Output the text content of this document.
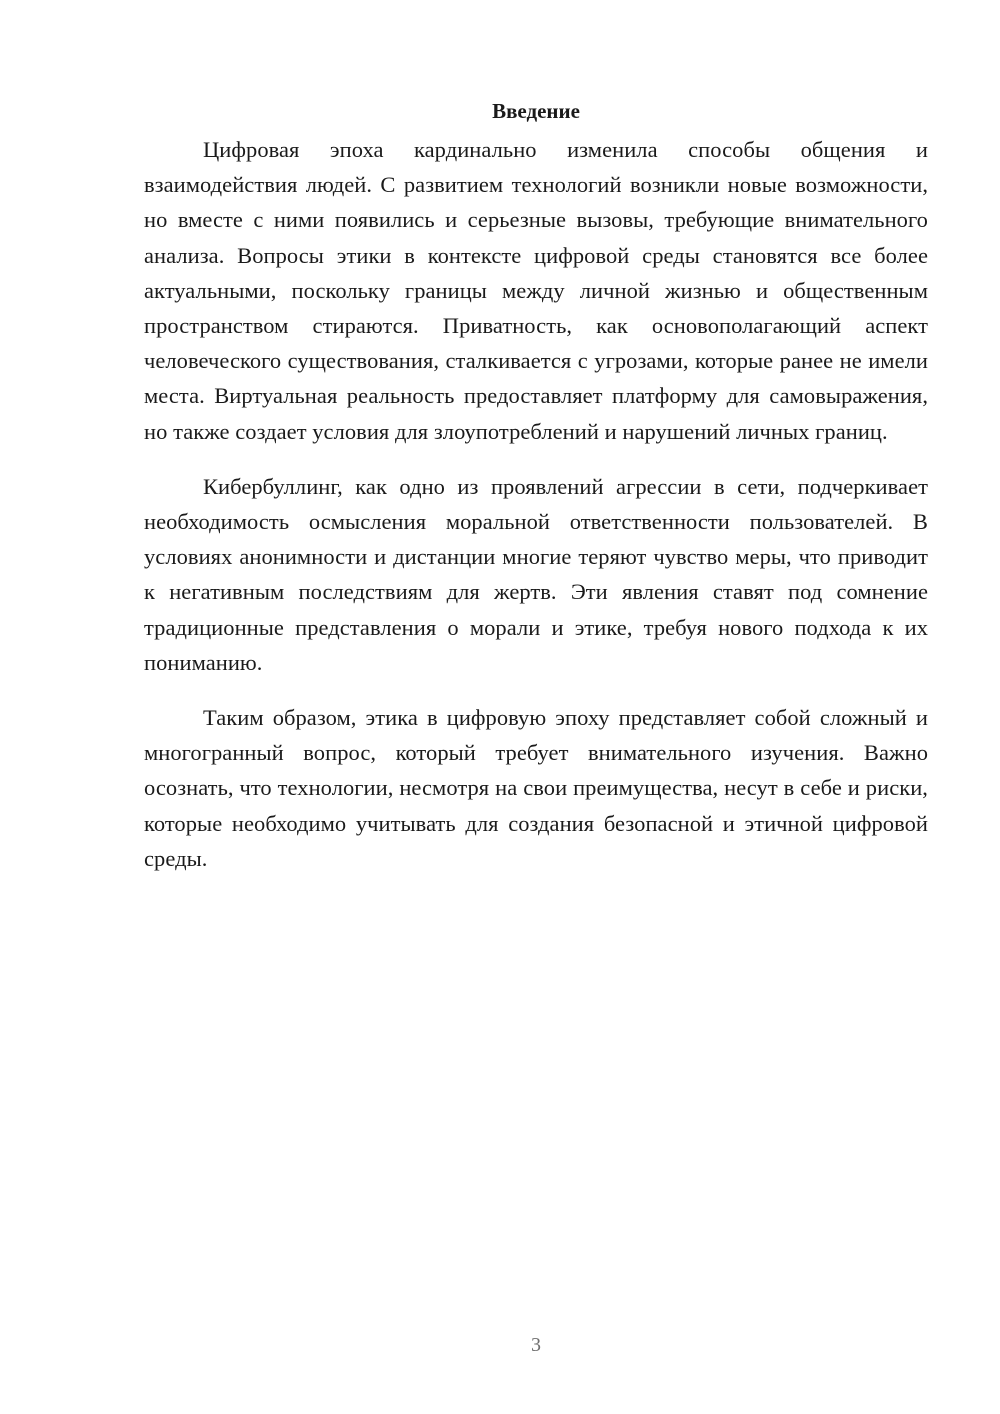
Введение

Цифровая эпоха кардинально изменила способы общения и взаимодействия людей. С развитием технологий возникли новые возможности, но вместе с ними появились и серьезные вызовы, требующие внимательного анализа. Вопросы этики в контексте цифровой среды становятся все более актуальными, поскольку границы между личной жизнью и общественным пространством стираются. Приватность, как основополагающий аспект человеческого существования, сталкивается с угрозами, которые ранее не имели места. Виртуальная реальность предоставляет платформу для самовыражения, но также создает условия для злоупотреблений и нарушений личных границ.

Кибербуллинг, как одно из проявлений агрессии в сети, подчеркивает необходимость осмысления моральной ответственности пользователей. В условиях анонимности и дистанции многие теряют чувство меры, что приводит к негативным последствиям для жертв. Эти явления ставят под сомнение традиционные представления о морали и этике, требуя нового подхода к их пониманию.

Таким образом, этика в цифровую эпоху представляет собой сложный и многогранный вопрос, который требует внимательного изучения. Важно осознать, что технологии, несмотря на свои преимущества, несут в себе и риски, которые необходимо учитывать для создания безопасной и этичной цифровой среды.

3
